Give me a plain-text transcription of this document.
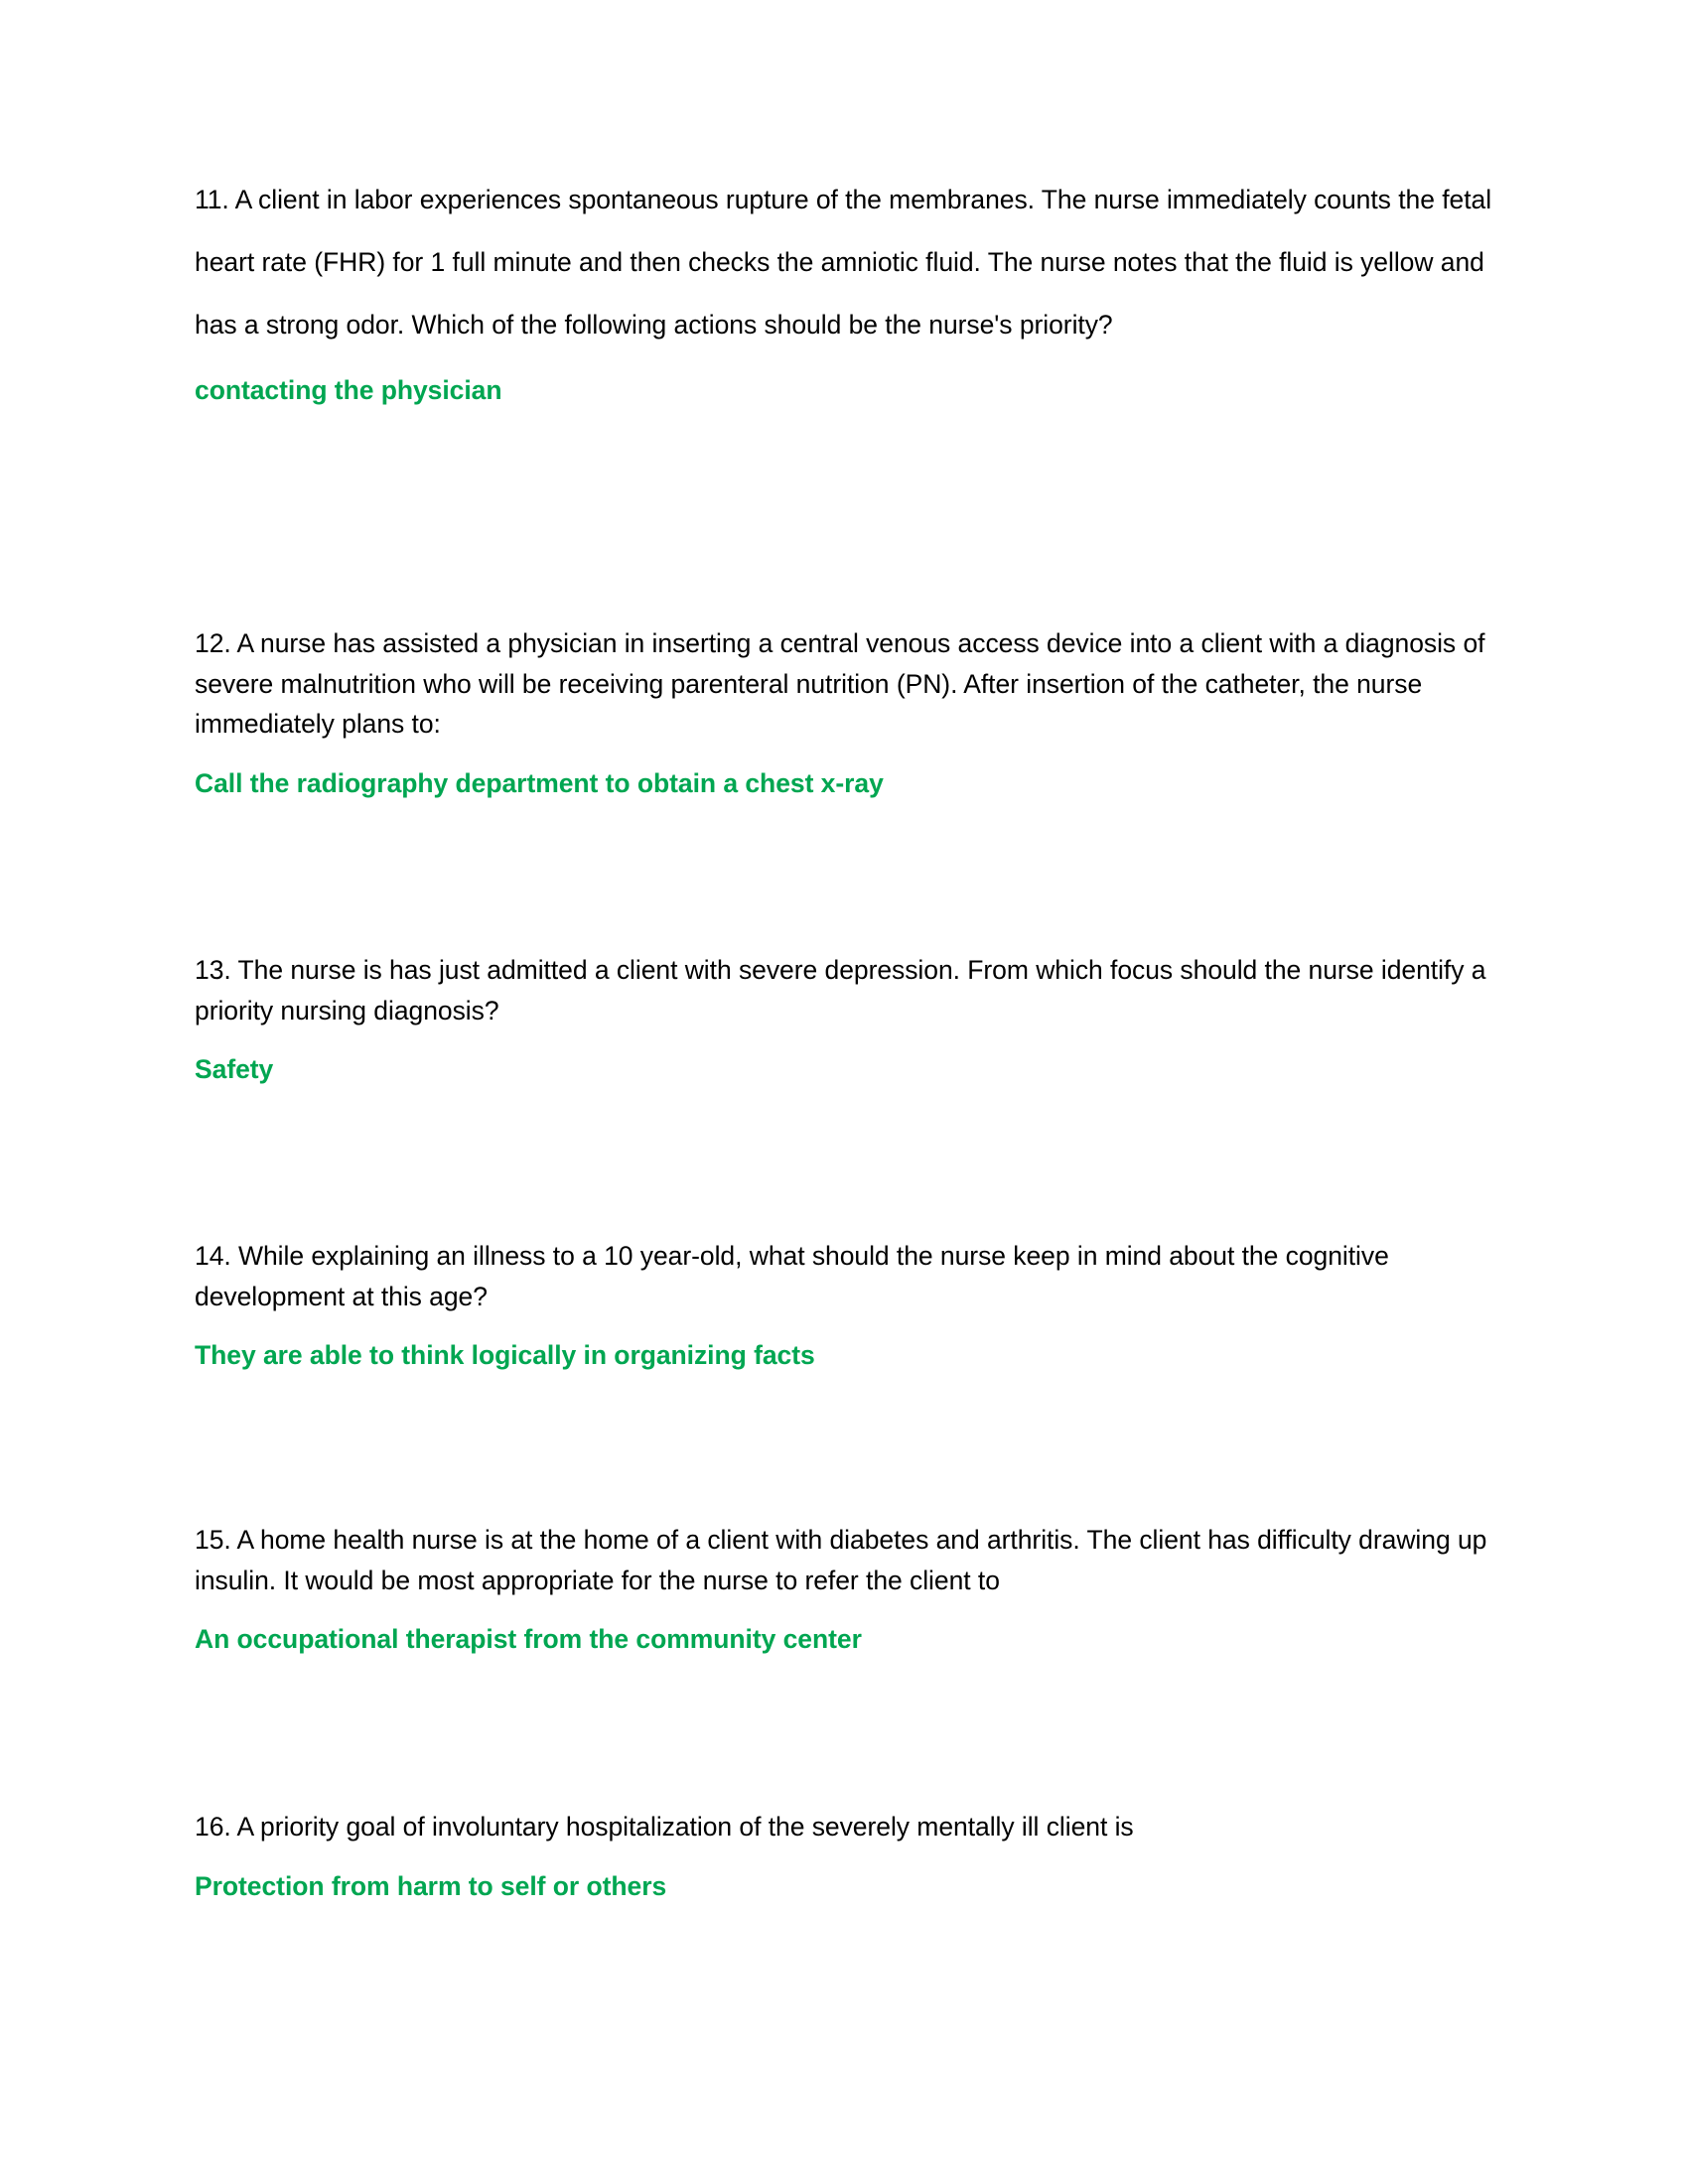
11. A client in labor experiences spontaneous rupture of the membranes. The nurse immediately counts the fetal heart rate (FHR) for 1 full minute and then checks the amniotic fluid. The nurse notes that the fluid is yellow and has a strong odor. Which of the following actions should be the nurse's priority?

contacting the physician

12. A nurse has assisted a physician in inserting a central venous access device into a client with a diagnosis of severe malnutrition who will be receiving parenteral nutrition (PN). After insertion of the catheter, the nurse immediately plans to:

Call the radiography department to obtain a chest x-ray

13. The nurse is has just admitted a client with severe depression. From which focus should the nurse identify a priority nursing diagnosis?

Safety

14. While explaining an illness to a 10 year-old, what should the nurse keep in mind about the cognitive development at this age?

They are able to think logically in organizing facts

15. A home health nurse is at the home of a client with diabetes and arthritis. The client has difficulty drawing up insulin. It would be most appropriate for the nurse to refer the client to

An occupational therapist from the community center

16. A priority goal of involuntary hospitalization of the severely mentally ill client is

Protection from harm to self or others
